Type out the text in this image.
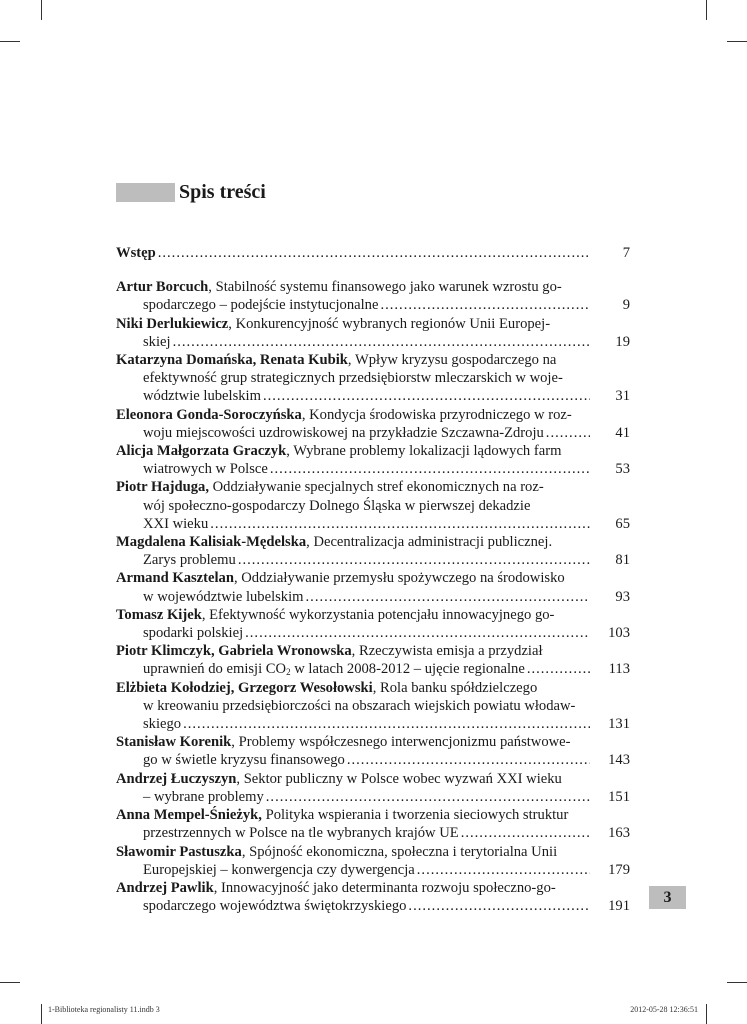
Spis treści
Wstęp .....	7
Artur Borcuch, Stabilność systemu finansowego jako warunek wzrostu go-
spodarczego – podejście instytucjonalne .....	9
Niki Derlukiewicz, Konkurencyjność wybranych regionów Unii Europej-
skiej .....	19
Katarzyna Domańska, Renata Kubik, Wpływ kryzysu gospodarczego na
efektywność grup strategicznych przedsiębiorstw mleczarskich w woje-
wództwie lubelskim .....	31
Eleonora Gonda-Soroczyńska, Kondycja środowiska przyrodniczego w roz-
woju miejscowości uzdrowiskowej na przykładzie Szczawna-Zdroju .....	41
Alicja Małgorzata Graczyk, Wybrane problemy lokalizacji lądowych farm
wiatrowych w Polsce .....	53
Piotr Hajduga, Oddziaływanie specjalnych stref ekonomicznych na roz-
wój społeczno-gospodarczy Dolnego Śląska w pierwszej dekadzie
XXI wieku .....	65
Magdalena Kalisiak-Mędelska, Decentralizacja administracji publicznej.
Zarys problemu .....	81
Armand Kasztelan, Oddziaływanie przemysłu spożywczego na środowisko
w województwie lubelskim .....	93
Tomasz Kijek, Efektywność wykorzystania potencjału innowacyjnego go-
spodarki polskiej .....	103
Piotr Klimczyk, Gabriela Wronowska, Rzeczywista emisja a przydział
uprawnień do emisji $CO_2$ w latach 2008-2012 – ujęcie regionalne .....	113
Elżbieta Kołodziej, Grzegorz Wesołowski, Rola banku spółdzielczego
w kreowaniu przedsiębiorczości na obszarach wiejskich powiatu włodaw-
skiego .....	131
Stanisław Korenik, Problemy współczesnego interwencjonizmu państwowe-
go w świetle kryzysu finansowego .....	143
Andrzej Łuczyszyn, Sektor publiczny w Polsce wobec wyzwań XXI wieku
– wybrane problemy .....	151
Anna Mempel-Śnieżyk, Polityka wspierania i tworzenia sieciowych struktur
przestrzennych w Polsce na tle wybranych krajów UE .....	163
Sławomir Pastuszka, Spójność ekonomiczna, społeczna i terytorialna Unii
Europejskiej – konwergencja czy dywergencja .....	179
Andrzej Pawlik, Innowacyjność jako determinanta rozwoju społeczno-go-
spodarczego województwa świętokrzyskiego .....	191
3
1-Biblioteka regionalisty 11.indb 3	2012-05-28 12:36:51
